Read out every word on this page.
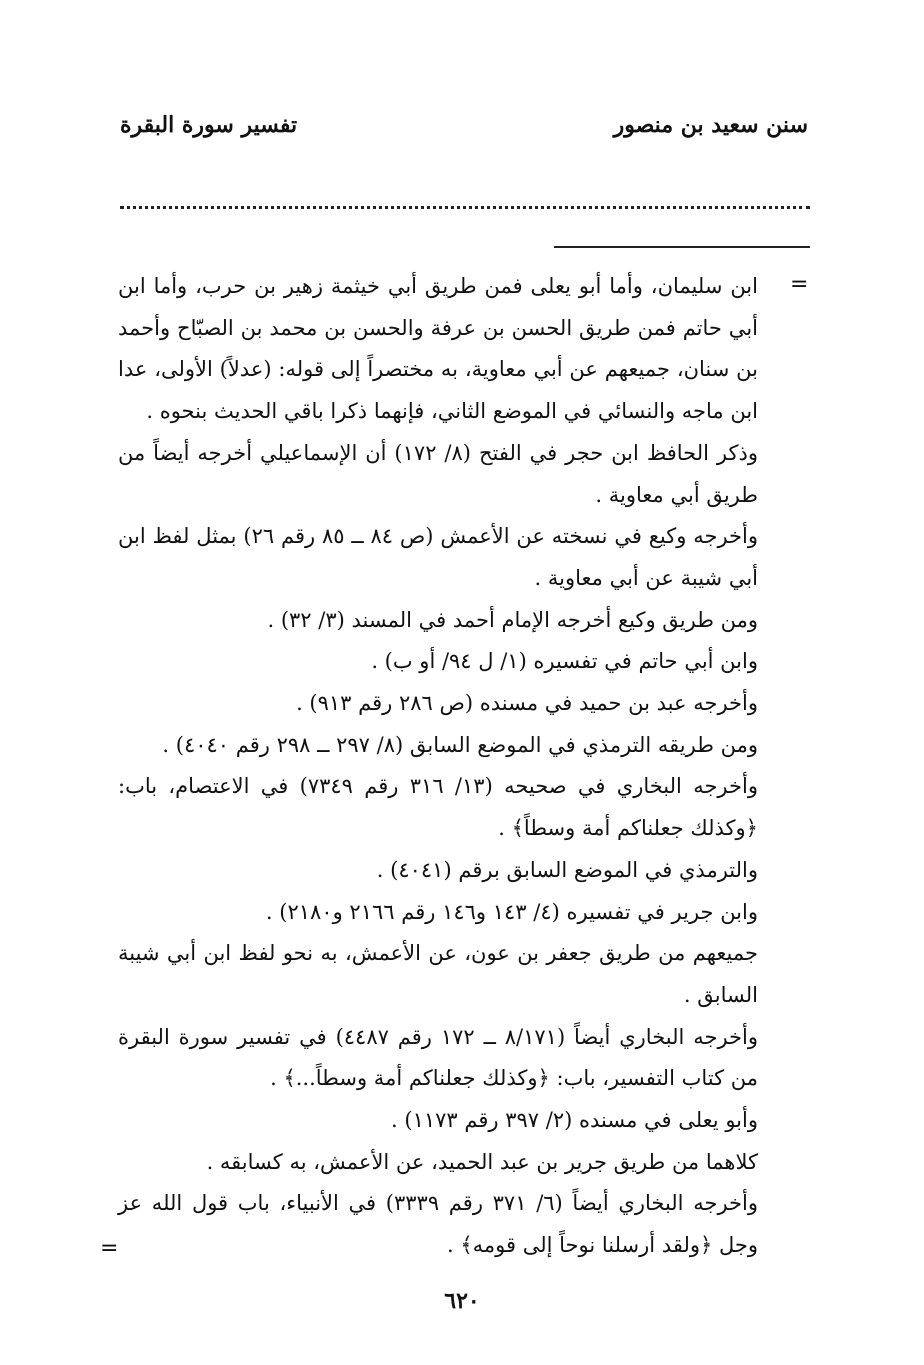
سنن سعيد بن منصور
تفسير سورة البقرة
=

ابن سليمان، وأما أبو يعلى فمن طريق أبي خيثمة زهير بن حرب، وأما ابن أبي حاتم فمن طريق الحسن بن عرفة والحسن بن محمد بن الصبّاح وأحمد بن سنان، جميعهم عن أبي معاوية، به مختصراً إلى قوله: (عدلاً) الأولى، عدا ابن ماجه والنسائي في الموضع الثاني، فإنهما ذكرا باقي الحديث بنحوه .

وذكر الحافظ ابن حجر في الفتح (٨/ ١٧٢) أن الإسماعيلي أخرجه أيضاً من طريق أبي معاوية .

وأخرجه وكيع في نسخته عن الأعمش (ص ٨٤ ــ ٨٥ رقم ٢٦) بمثل لفظ ابن أبي شيبة عن أبي معاوية .

ومن طريق وكيع أخرجه الإمام أحمد في المسند (٣/ ٣٢) .

وابن أبي حاتم في تفسيره (١/ ل ٩٤/ أو ب) .

وأخرجه عبد بن حميد في مسنده (ص ٢٨٦ رقم ٩١٣) .

ومن طريقه الترمذي في الموضع السابق (٨/ ٢٩٧ ــ ٢٩٨ رقم ٤٠٤٠) .

وأخرجه البخاري في صحيحه (١٣/ ٣١٦ رقم ٧٣٤٩) في الاعتصام، باب: ﴿وكذلك جعلناكم أمة وسطاً﴾ .

والترمذي في الموضع السابق برقم (٤٠٤١) .

وابن جرير في تفسيره (٤/ ١٤٣ و١٤٦ رقم ٢١٦٦ و٢١٨٠) .

جميعهم من طريق جعفر بن عون، عن الأعمش، به نحو لفظ ابن أبي شيبة السابق .

وأخرجه البخاري أيضاً (٨/١٧١ ــ ١٧٢ رقم ٤٤٨٧) في تفسير سورة البقرة من كتاب التفسير، باب: ﴿وكذلك جعلناكم أمة وسطاً...﴾ .

وأبو يعلى في مسنده (٢/ ٣٩٧ رقم ١١٧٣) .

كلاهما من طريق جرير بن عبد الحميد، عن الأعمش، به كسابقه .

وأخرجه البخاري أيضاً (٦/ ٣٧١ رقم ٣٣٣٩) في الأنبياء، باب قول الله عز وجل ﴿ولقد أرسلنا نوحاً إلى قومه﴾ .

=
٦٢٠
